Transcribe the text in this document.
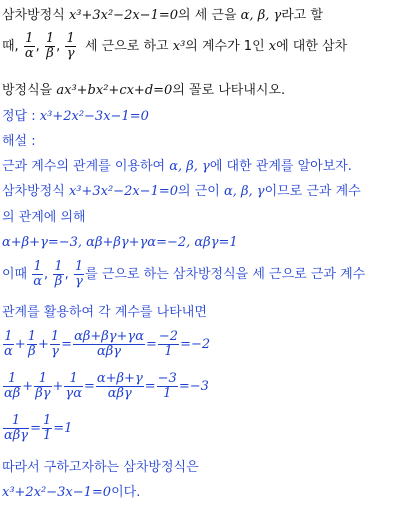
삼차방정식 x³+3x²−2x−1=0의 세 근을 α, β, γ라고 할
때, $\frac{1}{\alpha}$ , $\frac{1}{\beta}$ , $\frac{1}{\gamma}$ 세 근으로 하고 x³의 계수가 1인 x에 대한 삼차
방정식을 ax³+bx²+cx+d=0의 꼴로 나타내시오.
정답 : x³+2x²−3x−1=0
해설 :
근과 계수의 관계를 이용하여 α, β, γ에 대한 관계를 알아보자.
삼차방정식 x³+3x²−2x−1=0의 근이 α, β, γ이므로 근과 계수
의 관계에 의해
α+β+γ=−3, αβ+βγ+γα=−2, αβγ=1
이때 $\frac{1}{\alpha}$ , $\frac{1}{\beta}$ , $\frac{1}{\gamma}$ 를 근으로 하는 삼차방정식을 세 근으로 근과 계수
관계를 활용하여 각 계수를 나타내면
$\frac{1}{\alpha} + \frac{1}{\beta} + \frac{1}{\gamma} = \frac{\alpha\beta+\beta\gamma+\gamma\alpha}{\text{αβγ}} = \frac{-2}{1} =-2$
$\frac{1}{\alpha\beta} + \frac{1}{\beta\gamma} + \frac{1}{\gamma\alpha} = \frac{\alpha+\beta+\gamma}{\text{αβγ}} = \frac{-3}{1} =-3$
$\frac{1}{\text{αβγ}} = \frac{1}{1} =1$
따라서 구하고자하는 삼차방정식은
x³+2x²−3x−1=0이다.
